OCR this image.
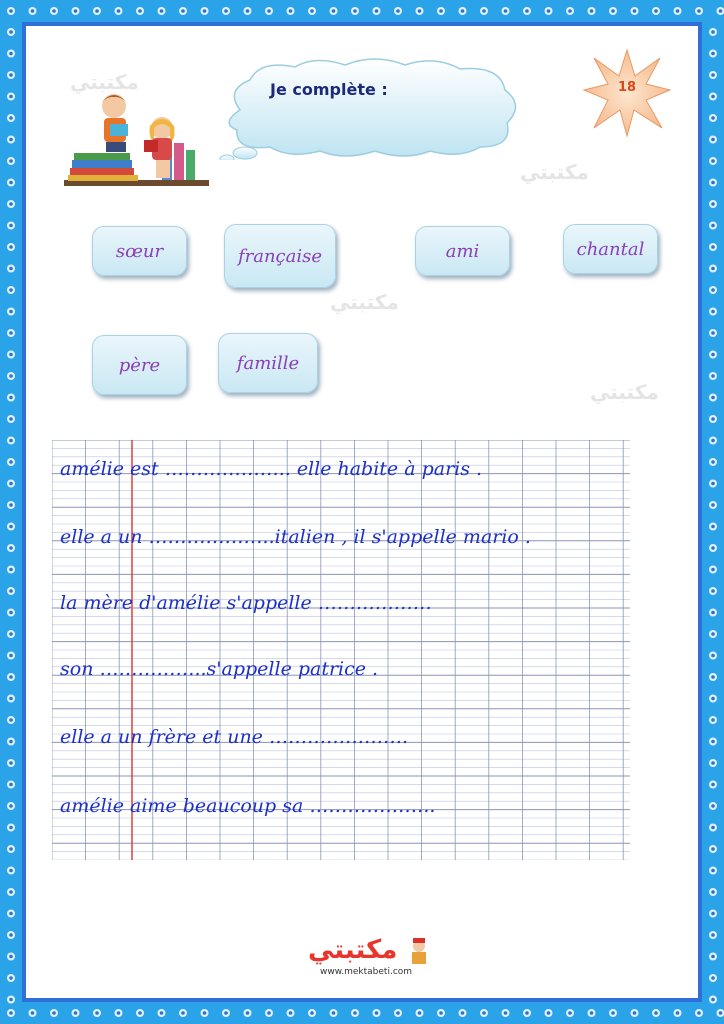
ﻣﻜﺘﺒﺘﻲ
ﻣﻜﺘﺒﺘﻲ
ﻣﻜﺘﺒﺘﻲ
ﻣﻜﺘﺒﺘﻲ
Je complète :	18
sœur	française	ami	chantal
père	famille
amélie est ……………….. elle habite à paris .
elle a un ………………..italien , il s'appelle mario .
la mère d'amélie s'appelle ………………
son ……………..s'appelle patrice .
elle a un frère et une ………………….
amélie aime beaucoup sa ………………..
مكتبتي
www.mektabeti.com
